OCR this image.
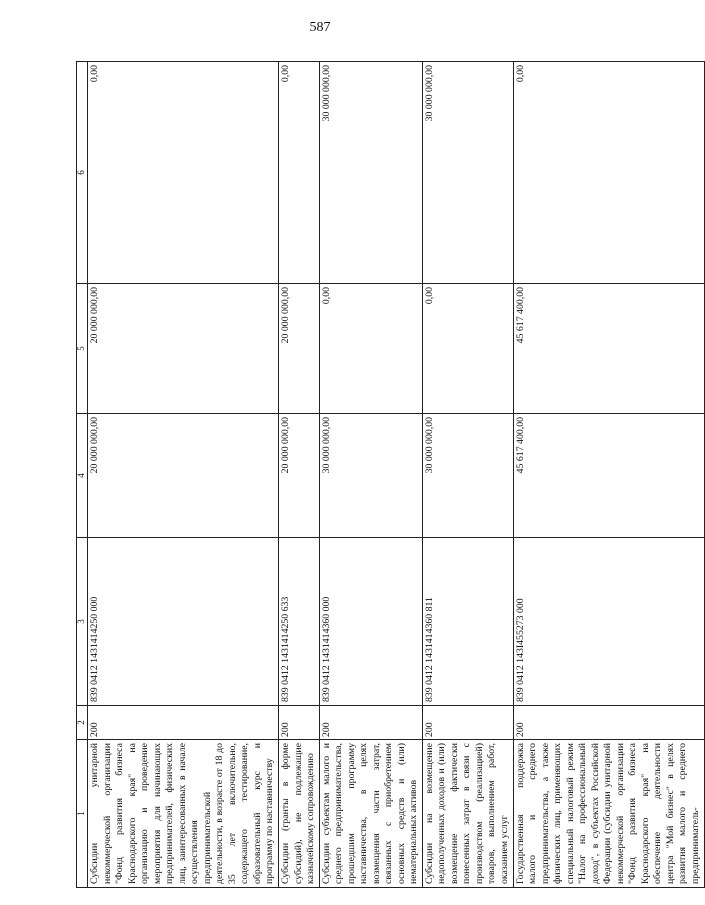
587
1	2	3	4	5	6
Субсидии унитарной некоммерческой организации "Фонд развития бизнеса Краснодарского края" на организацию и проведение мероприятия для начинающих предпринимателей, физических лиц, заинтересованных в начале осуществления предпринимательской деятельности, в возрасте от 18 до 35 лет включительно, содержащего тестирование, образовательный курс и программу по наставничеству	200	839 0412 1431414250 000	20 000 000,00	20 000 000,00	0,00
Субсидии (гранты в форме субсидий), не подлежащие казначейскому сопровождению	200	839 0412 1431414250 633	20 000 000,00	20 000 000,00	0,00
Субсидии субъектам малого и среднего предпринимательства, прошедшим программу наставничества, в целях возмещения части затрат, связанных с приобретением основных средств и (или) нематериальных активов	200	839 0412 1431414360 000	30 000 000,00	0,00	30 000 000,00
Субсидии на возмещение недополученных доходов и (или) возмещение фактически понесенных затрат в связи с производством (реализацией) товаров, выполнением работ, оказанием услуг	200	839 0412 1431414360 811	30 000 000,00	0,00	30 000 000,00
Государственная поддержка малого и среднего предпринимательства, а также физических лиц, применяющих специальный налоговый режим "Налог на профессиональный доход", в субъектах Российской Федерации (субсидии унитарной некоммерческой организации "Фонд развития бизнеса Краснодарского края" на обеспечение деятельности центра "Мой бизнес" в целях развития малого и среднего предприниматель-	200	839 0412 143I455273 000	45 617 400,00	45 617 400,00	0,00
